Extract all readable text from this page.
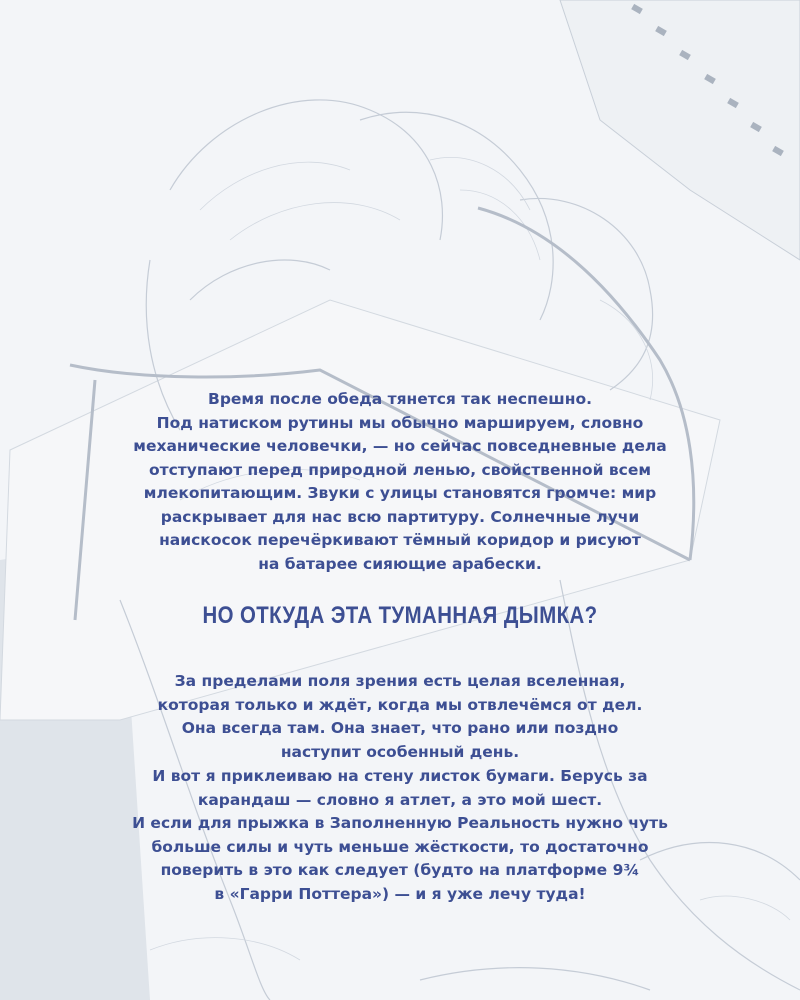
Время после обеда тянется так неспешно.
Под натиском рутины мы обычно маршируем, словно
механические человечки, — но сейчас повседневные дела
отступают перед природной ленью, свойственной всем
млекопитающим. Звуки с улицы становятся громче: мир
раскрывает для нас всю партитуру. Солнечные лучи
наискосок перечёркивают тёмный коридор и рисуют
на батарее сияющие арабески.
НО ОТКУДА ЭТА ТУМАННАЯ ДЫМКА?
За пределами поля зрения есть целая вселенная,
которая только и ждёт, когда мы отвлечёмся от дел.
Она всегда там. Она знает, что рано или поздно
наступит особенный день.
И вот я приклеиваю на стену листок бумаги. Берусь за
карандаш — словно я атлет, а это мой шест.
И если для прыжка в Заполненную Реальность нужно чуть
больше силы и чуть меньше жёсткости, то достаточно
поверить в это как следует (будто на платформе 9¾
в «Гарри Поттера») — и я уже лечу туда!
